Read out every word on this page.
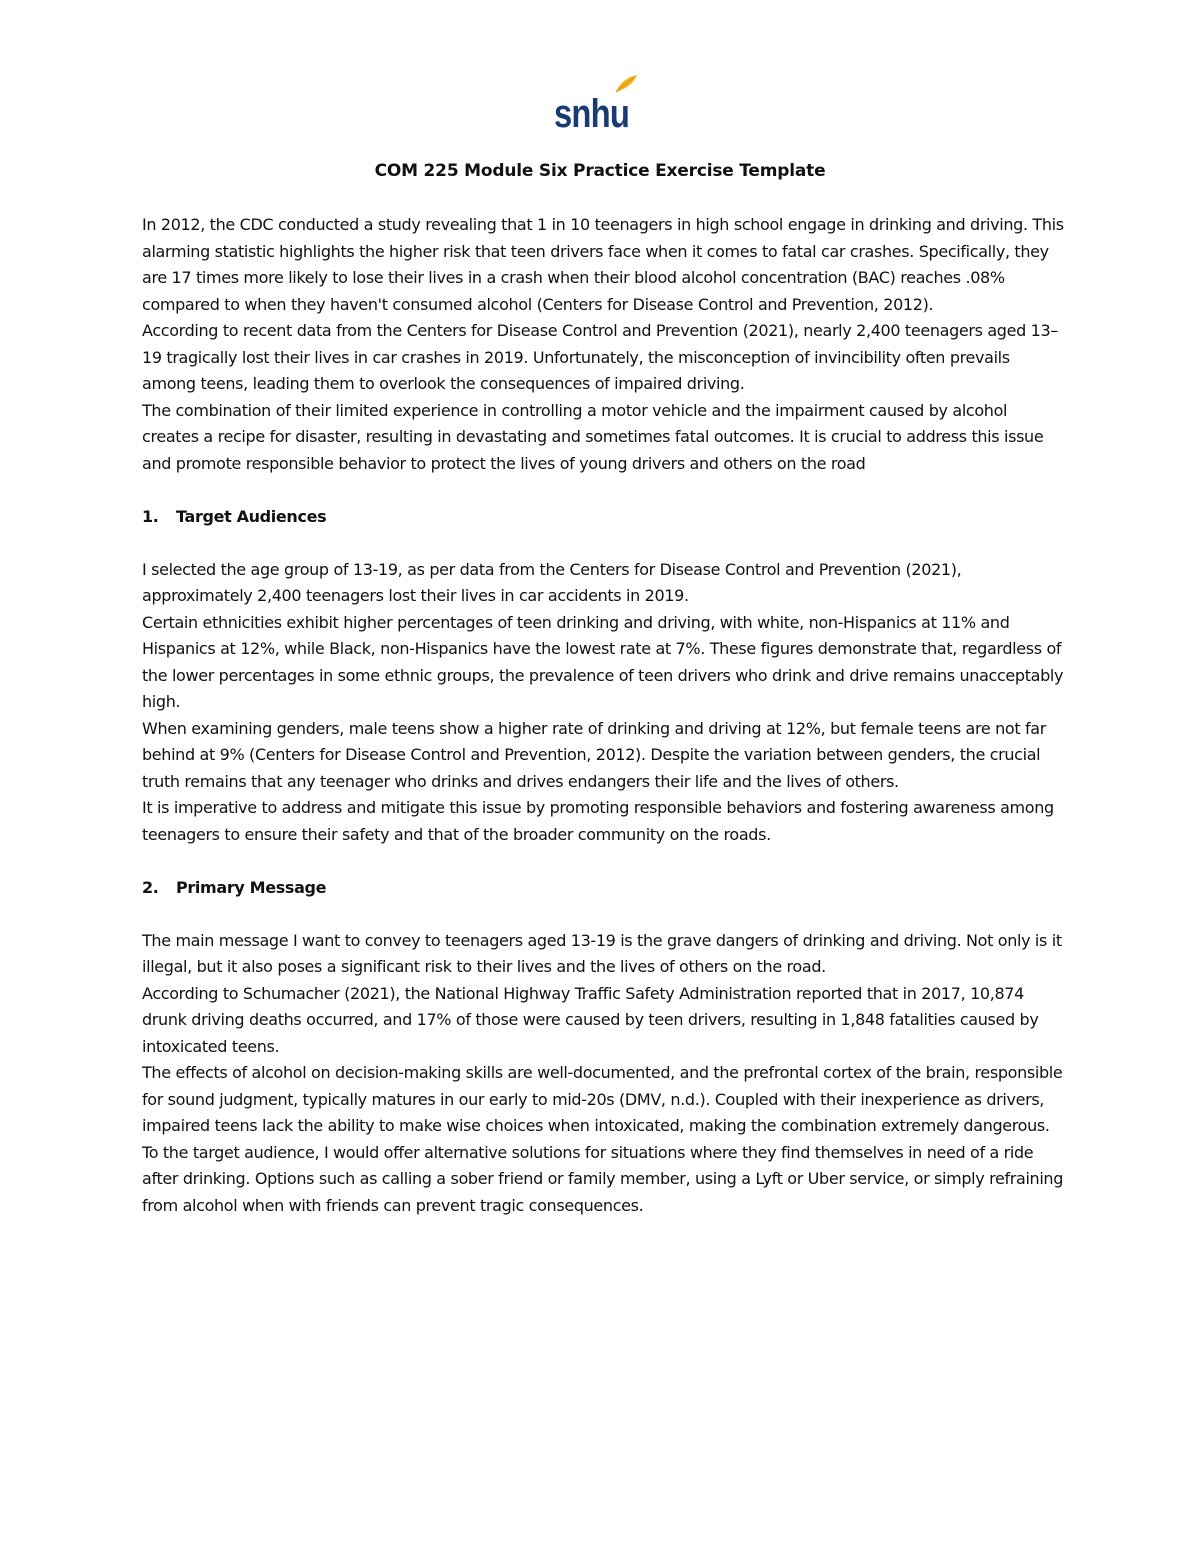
snhu
COM 225 Module Six Practice Exercise Template

In 2012, the CDC conducted a study revealing that 1 in 10 teenagers in high school engage in drinking and driving. This alarming statistic highlights the higher risk that teen drivers face when it comes to fatal car crashes. Specifically, they are 17 times more likely to lose their lives in a crash when their blood alcohol concentration (BAC) reaches .08% compared to when they haven't consumed alcohol (Centers for Disease Control and Prevention, 2012).

According to recent data from the Centers for Disease Control and Prevention (2021), nearly 2,400 teenagers aged 13–19 tragically lost their lives in car crashes in 2019. Unfortunately, the misconception of invincibility often prevails among teens, leading them to overlook the consequences of impaired driving.

The combination of their limited experience in controlling a motor vehicle and the impairment caused by alcohol creates a recipe for disaster, resulting in devastating and sometimes fatal outcomes. It is crucial to address this issue and promote responsible behavior to protect the lives of young drivers and others on the road

1. Target Audiences

I selected the age group of 13-19, as per data from the Centers for Disease Control and Prevention (2021), approximately 2,400 teenagers lost their lives in car accidents in 2019.

Certain ethnicities exhibit higher percentages of teen drinking and driving, with white, non-Hispanics at 11% and Hispanics at 12%, while Black, non-Hispanics have the lowest rate at 7%. These figures demonstrate that, regardless of the lower percentages in some ethnic groups, the prevalence of teen drivers who drink and drive remains unacceptably high.

When examining genders, male teens show a higher rate of drinking and driving at 12%, but female teens are not far behind at 9% (Centers for Disease Control and Prevention, 2012). Despite the variation between genders, the crucial truth remains that any teenager who drinks and drives endangers their life and the lives of others.

It is imperative to address and mitigate this issue by promoting responsible behaviors and fostering awareness among teenagers to ensure their safety and that of the broader community on the roads.

2. Primary Message

The main message I want to convey to teenagers aged 13-19 is the grave dangers of drinking and driving. Not only is it illegal, but it also poses a significant risk to their lives and the lives of others on the road.

According to Schumacher (2021), the National Highway Traffic Safety Administration reported that in 2017, 10,874 drunk driving deaths occurred, and 17% of those were caused by teen drivers, resulting in 1,848 fatalities caused by intoxicated teens.

The effects of alcohol on decision-making skills are well-documented, and the prefrontal cortex of the brain, responsible for sound judgment, typically matures in our early to mid-20s (DMV, n.d.). Coupled with their inexperience as drivers, impaired teens lack the ability to make wise choices when intoxicated, making the combination extremely dangerous.

To the target audience, I would offer alternative solutions for situations where they find themselves in need of a ride after drinking. Options such as calling a sober friend or family member, using a Lyft or Uber service, or simply refraining from alcohol when with friends can prevent tragic consequences.
